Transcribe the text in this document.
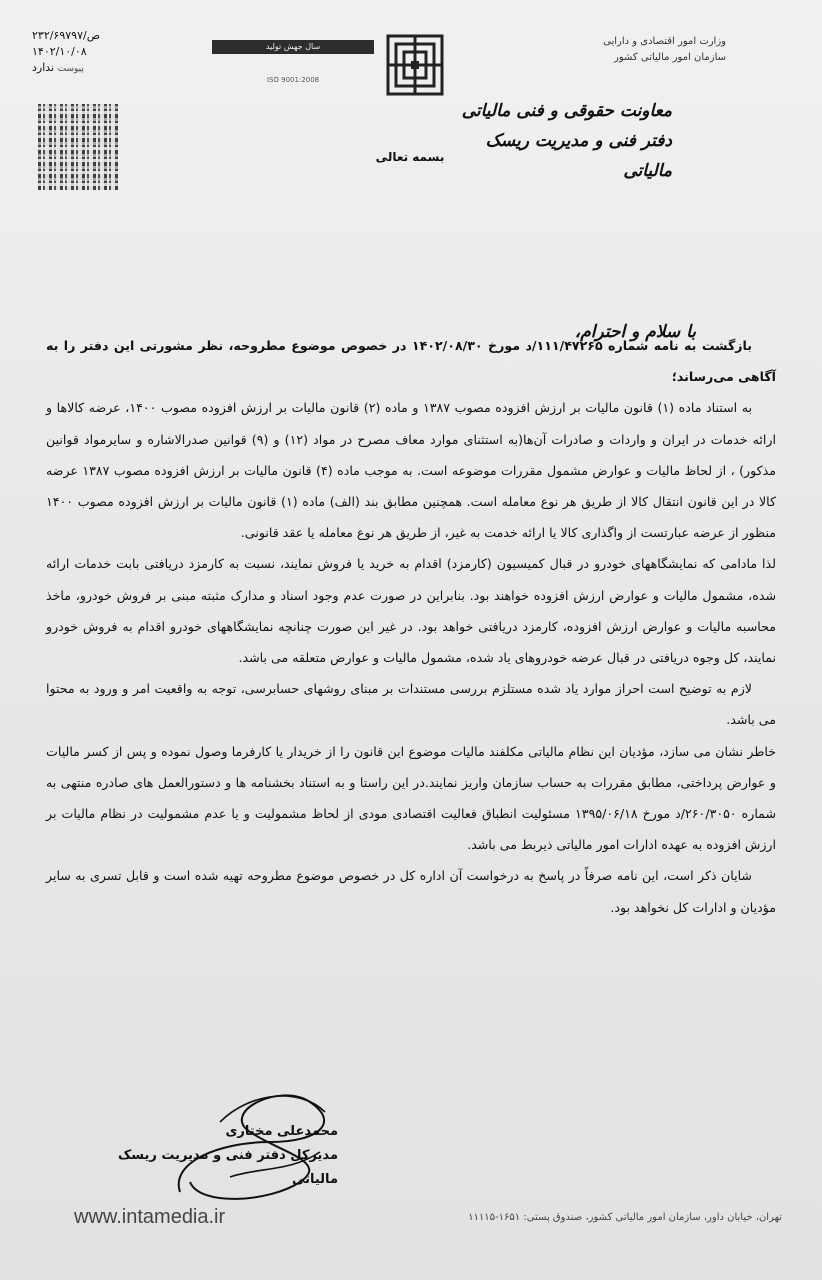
۲۳۲/۶۹۷۹۷/ص
۱۴۰۲/۱۰/۰۸
پیوست ندارد
سال جهش تولید
ISO 9001:2008
وزارت امور اقتصادی و دارایی
سازمان امور مالیاتی کشور
معاونت حقوقی و فنی مالیاتی
دفتر فنی و مدیریت ریسک مالیاتی
بسمه تعالی
با سلام و احترام،

بازگشت به نامه شماره ۱۱۱/۴۷۲۶۵/د مورخ ۱۴۰۲/۰۸/۳۰ در خصوص موضوع مطروحه، نظر مشورتی این دفتر را به آگاهی می‌رساند؛

به استناد ماده (۱) قانون مالیات بر ارزش افزوده مصوب ۱۳۸۷ و ماده (۲) قانون مالیات بر ارزش افزوده مصوب ۱۴۰۰، عرضه کالاها و ارائه خدمات در ایران و واردات و صادرات آن‌ها(به استثنای موارد معاف مصرح در مواد (۱۲) و (۹) قوانین صدرالاشاره و سایرمواد قوانین مذکور) ، از لحاظ مالیات و عوارض مشمول مقررات موضوعه است. به موجب ماده (۴) قانون مالیات بر ارزش افزوده مصوب ۱۳۸۷ عرضه کالا در این قانون انتقال کالا از طریق هر نوع معامله است. همچنین مطابق بند (الف) ماده (۱) قانون مالیات بر ارزش افزوده مصوب ۱۴۰۰ منظور از عرضه عبارتست از واگذاری کالا یا ارائه خدمت به غیر، از طریق هر نوع معامله یا عقد قانونی.

لذا مادامی که نمایشگاههای خودرو در قبال کمیسیون (کارمزد) اقدام به خرید یا فروش نمایند، نسبت به کارمزد دریافتی بابت خدمات ارائه شده، مشمول مالیات و عوارض ارزش افزوده خواهند بود. بنابراین در صورت عدم وجود اسناد و مدارک مثبته مبنی بر فروش خودرو، ماخذ محاسبه مالیات و عوارض ارزش افزوده، کارمزد دریافتی خواهد بود. در غیر این صورت چنانچه نمایشگاههای خودرو اقدام به فروش خودرو نمایند، کل وجوه دریافتی در قبال عرضه خودروهای یاد شده، مشمول مالیات و عوارض متعلقه می باشد.

لازم به توضیح است احراز موارد یاد شده مستلزم بررسی مستندات بر مبنای روشهای حسابرسی، توجه به واقعیت امر و ورود به محتوا می باشد.

خاطر نشان می سازد، مؤدیان این نظام مالیاتی مکلفند مالیات موضوع این قانون را از خریدار یا کارفرما وصول نموده و پس از کسر مالیات و عوارض پرداختی، مطابق مقررات به حساب سازمان واریز نمایند.در این راستا و به استناد بخشنامه ها و دستورالعمل های صادره منتهی به شماره ۲۶۰/۳۰۵۰/د مورخ ۱۳۹۵/۰۶/۱۸ مسئولیت انطباق فعالیت اقتصادی مودی از لحاظ مشمولیت و یا عدم مشمولیت در نظام مالیات بر ارزش افزوده به عهده ادارات امور مالیاتی ذیربط می باشد.

شایان ذکر است، این نامه صرفاً در پاسخ به درخواست آن اداره کل در خصوص موضوع مطروحه تهیه شده است و قابل تسری به سایر مؤدیان و ادارات کل نخواهد بود.

محمدعلی مختاری
مدیرکل دفتر فنی و مدیریت ریسک مالیاتی
www.intamedia.ir	تهران، خیابان داور، سازمان امور مالیاتی کشور، صندوق پستی: ۱۶۵۱-۱۱۱۱۵
